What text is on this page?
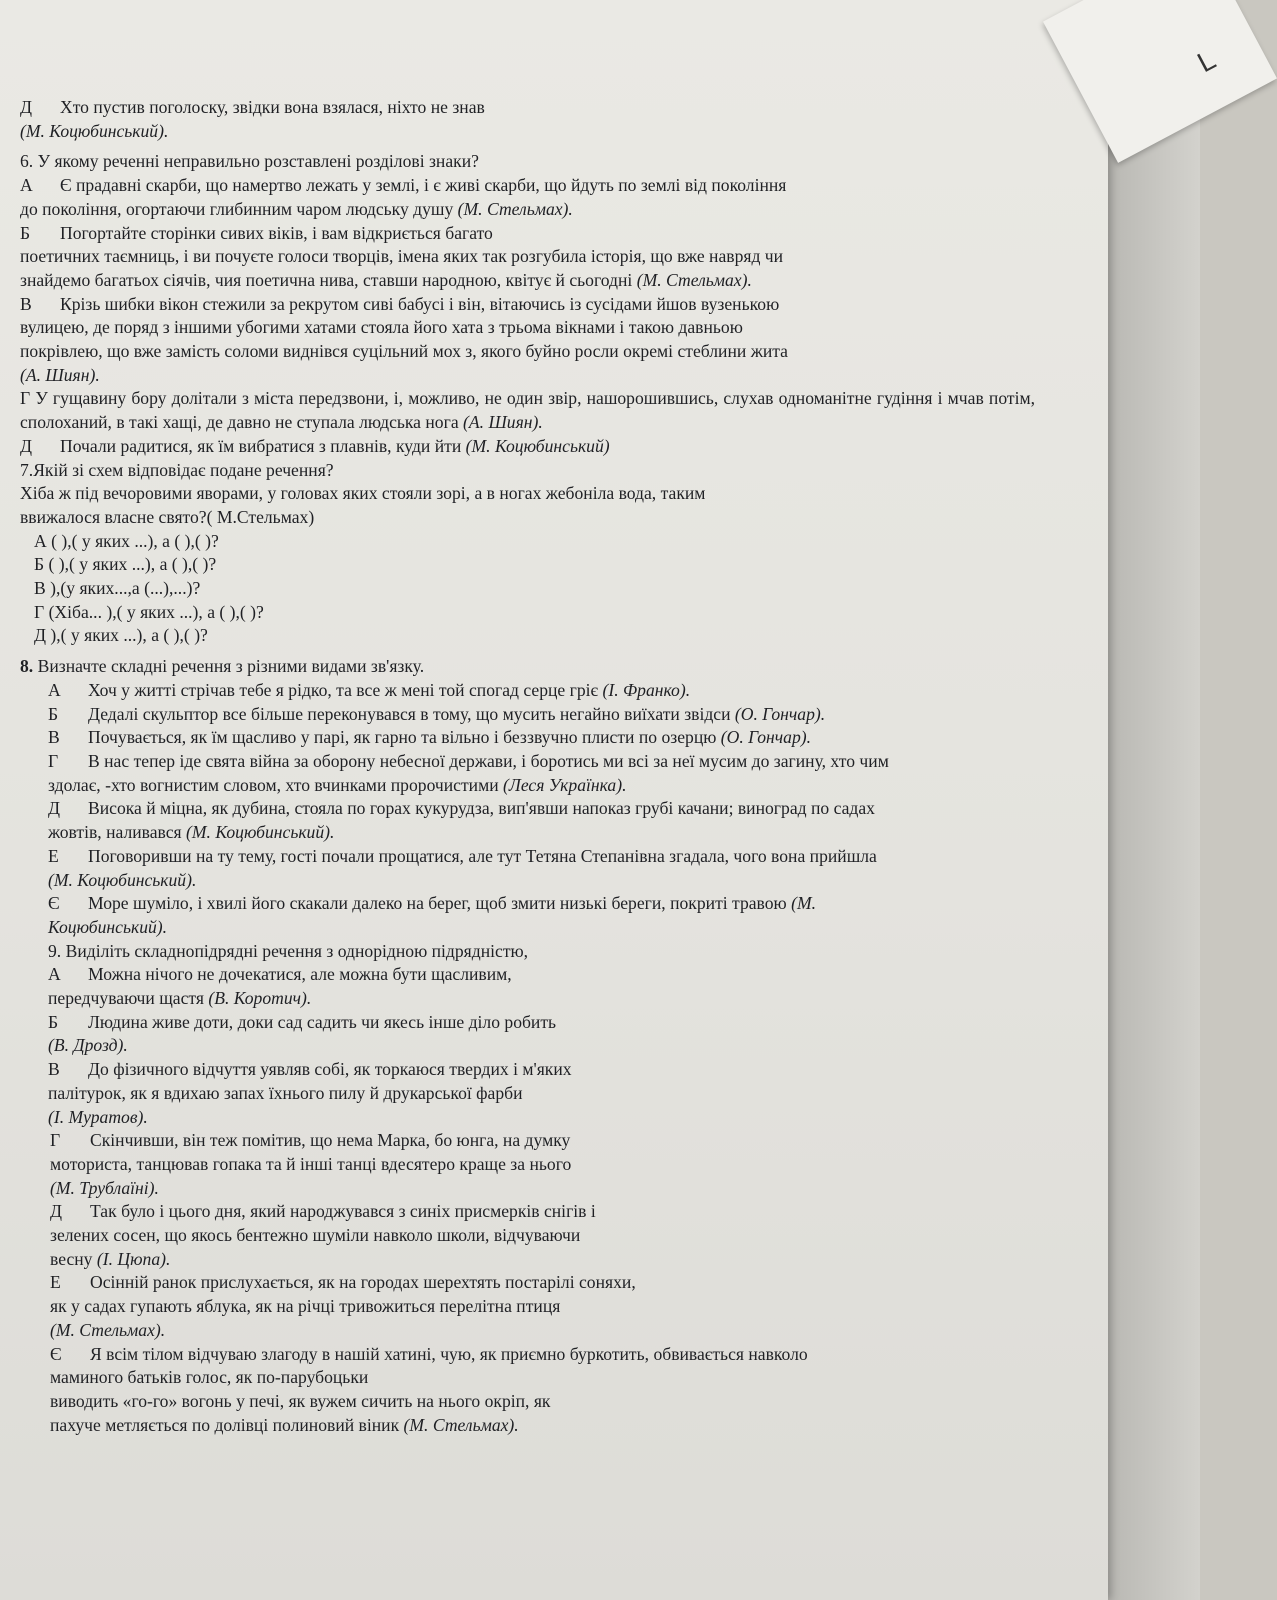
Д Хто пустив поголоску, звідки вона взялася, ніхто не знав

(М. Коцюбинський).

6. У якому реченні неправильно розставлені розділові знаки?

А Є прадавні скарби, що намертво лежать у землі, і є живі скарби, що йдуть по землі від покоління

до покоління, огортаючи глибинним чаром людську душу (М. Стельмах).

Б Погортайте сторінки сивих віків, і вам відкриється багато

поетичних таємниць, і ви почуєте голоси творців, імена яких так розгубила історія, що вже навряд чи

знайдемо багатьох сіячів, чия поетична нива, ставши народною, квітує й сьогодні (М. Стельмах).

В Крізь шибки вікон стежили за рекрутом сиві бабусі і він, вітаючись із сусідами йшов вузенькою

вулицею, де поряд з іншими убогими хатами стояла його хата з трьома вікнами і такою давньою

покрівлею, що вже замість соломи виднівся суцільний мох з, якого буйно росли окремі стеблини жита

(А. Шиян).

Г У гущавину бору долітали з міста передзвони, і, можливо, не один звір, нашорошившись, слухав одноманітне гудіння і мчав потім, сполоханий, в такі хащі, де давно не ступала людська нога (А. Шиян).

Д Почали радитися, як їм вибратися з плавнів, куди йти (М. Коцюбинський)

7.Якій зі схем відповідає подане речення?

Хіба ж під вечоровими яворами, у головах яких стояли зорі, а в ногах жебоніла вода, таким

ввижалося власне свято?( М.Стельмах)

А ( ),( у яких ...), а ( ),( )?

Б ( ),( у яких ...), а ( ),( )?

В ),(у яких...,а (...),...)?

Г (Хіба... ),( у яких ...), а ( ),( )?

Д ),( у яких ...), а ( ),( )?

8. Визначте складні речення з різними видами зв'язку.

А Хоч у житті стрічав тебе я рідко, та все ж мені той спогад серце гріє (І. Франко).

Б Дедалі скульптор все більше переконувався в тому, що мусить негайно виїхати звідси (О. Гончар).

В Почувається, як їм щасливо у парі, як гарно та вільно і беззвучно плисти по озерцю (О. Гончар).

Г В нас тепер іде свята війна за оборону небесної держави, і боротись ми всі за неї мусим до загину, хто чим

здолає, -хто вогнистим словом, хто вчинками пророчистими (Леся Українка).

Д Висока й міцна, як дубина, стояла по горах кукурудза, вип'явши напоказ грубі качани; виноград по садах

жовтів, наливався (М. Коцюбинський).

Е Поговоривши на ту тему, гості почали прощатися, але тут Тетяна Степанівна згадала, чого вона прийшла

(М. Коцюбинський).

Є Море шуміло, і хвилі його скакали далеко на берег, щоб змити низькі береги, покриті травою (М.

Коцюбинський).

9. Виділіть складнопідрядні речення з однорідною підрядністю,

А Можна нічого не дочекатися, але можна бути щасливим,

передчуваючи щастя (В. Коротич).

Б Людина живе доти, доки сад садить чи якесь інше діло робить

(В. Дрозд).

В До фізичного відчуття уявляв собі, як торкаюся твердих і м'яких

палітурок, як я вдихаю запах їхнього пилу й друкарської фарби

(І. Муратов).

Г Скінчивши, він теж помітив, що нема Марка, бо юнга, на думку

моториста, танцював гопака та й інші танці вдесятеро краще за нього

(М. Трублаїні).

Д Так було і цього дня, який народжувався з синіх присмерків снігів і

зелених сосен, що якось бентежно шуміли навколо школи, відчуваючи

весну (І. Цюпа).

Е Осінній ранок прислухається, як на городах шерехтять постарілі соняхи,

як у садах гупають яблука, як на річці тривожиться перелітна птиця

(М. Стельмах).

Є Я всім тілом відчуваю злагоду в нашій хатині, чую, як приємно буркотить, обвивається навколо

маминого батьків голос, як по-парубоцьки

виводить «го-го» вогонь у печі, як вужем сичить на нього окріп, як

пахуче метляється по долівці полиновий віник (М. Стельмах).

L
